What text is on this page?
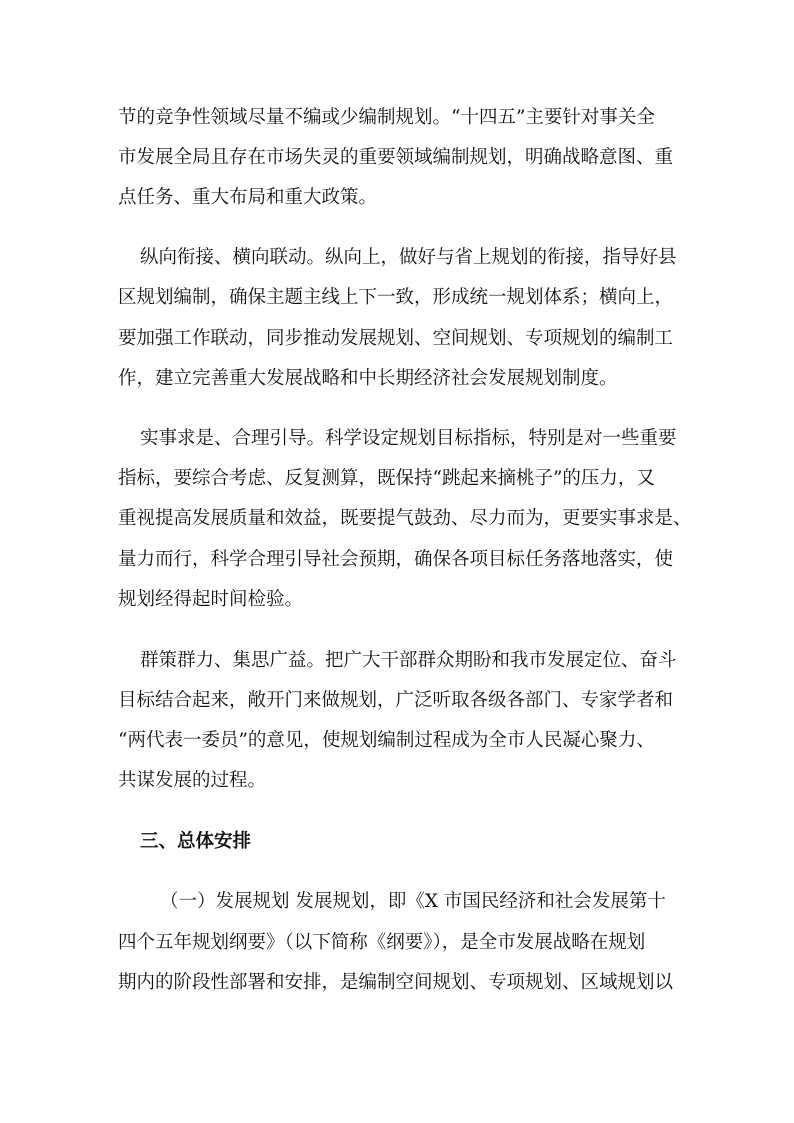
节的竞争性领域尽量不编或少编制规划。“十四五”主要针对事关全
市发展全局且存在市场失灵的重要领域编制规划，明确战略意图、重
点任务、重大布局和重大政策。
纵向衔接、横向联动。纵向上，做好与省上规划的衔接，指导好县
区规划编制，确保主题主线上下一致，形成统一规划体系；横向上，
要加强工作联动，同步推动发展规划、空间规划、专项规划的编制工
作，建立完善重大发展战略和中长期经济社会发展规划制度。
实事求是、合理引导。科学设定规划目标指标，特别是对一些重要
指标，要综合考虑、反复测算，既保持“跳起来摘桃子”的压力，又
重视提高发展质量和效益，既要提气鼓劲、尽力而为，更要实事求是、
量力而行，科学合理引导社会预期，确保各项目标任务落地落实，使
规划经得起时间检验。
群策群力、集思广益。把广大干部群众期盼和我市发展定位、奋斗
目标结合起来，敞开门来做规划，广泛听取各级各部门、专家学者和
“两代表一委员”的意见，使规划编制过程成为全市人民凝心聚力、
共谋发展的过程。
三、总体安排
（一）发展规划 发展规划，即《X 市国民经济和社会发展第十
四个五年规划纲要》（以下简称《纲要》），是全市发展战略在规划
期内的阶段性部署和安排，是编制空间规划、专项规划、区域规划以
